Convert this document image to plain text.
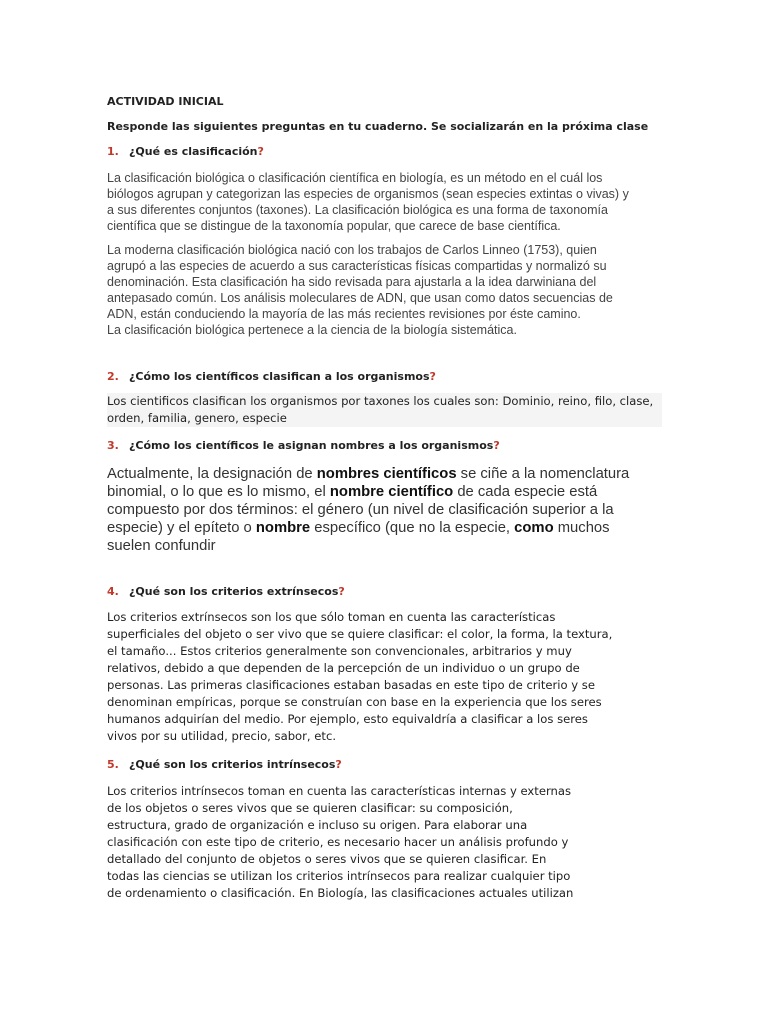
ACTIVIDAD INICIAL

Responde las siguientes preguntas en tu cuaderno. Se socializarán en la próxima clase

1. ¿Qué es clasificación?

La clasificación biológica o clasificación científica en biología, es un método en el cuál los
biólogos agrupan y categorizan las especies de organismos (sean especies extintas o vivas) y
a sus diferentes conjuntos (taxones). La clasificación biológica es una forma de taxonomía
científica que se distingue de la taxonomía popular, que carece de base científica.
La moderna clasificación biológica nació con los trabajos de Carlos Linneo (1753), quien
agrupó a las especies de acuerdo a sus características físicas compartidas y normalizó su
denominación. Esta clasificación ha sido revisada para ajustarla a la idea darwiniana del
antepasado común. Los análisis moleculares de ADN, que usan como datos secuencias de
ADN, están conduciendo la mayoría de las más recientes revisiones por éste camino.
La clasificación biológica pertenece a la ciencia de la biología sistemática.

2. ¿Cómo los científicos clasifican a los organismos?

Los cientificos clasifican los organismos por taxones los cuales son: Dominio, reino, filo, clase,
orden, familia, genero, especie

3. ¿Cómo los científicos le asignan nombres a los organismos?

Actualmente, la designación de nombres científicos se ciñe a la nomenclatura
binomial, o lo que es lo mismo, el nombre científico de cada especie está
compuesto por dos términos: el género (un nivel de clasificación superior a la
especie) y el epíteto o nombre específico (que no la especie, como muchos
suelen confundir

4. ¿Qué son los criterios extrínsecos?

Los criterios extrínsecos son los que sólo toman en cuenta las características
superficiales del objeto o ser vivo que se quiere clasificar: el color, la forma, la textura,
el tamaño... Estos criterios generalmente son convencionales, arbitrarios y muy
relativos, debido a que dependen de la percepción de un individuo o un grupo de
personas. Las primeras clasificaciones estaban basadas en este tipo de criterio y se
denominan empíricas, porque se construían con base en la experiencia que los seres
humanos adquirían del medio. Por ejemplo, esto equivaldría a clasificar a los seres
vivos por su utilidad, precio, sabor, etc.

5. ¿Qué son los criterios intrínsecos?

Los criterios intrínsecos toman en cuenta las características internas y externas
de los objetos o seres vivos que se quieren clasificar: su composición,
estructura, grado de organización e incluso su origen. Para elaborar una
clasificación con este tipo de criterio, es necesario hacer un análisis profundo y
detallado del conjunto de objetos o seres vivos que se quieren clasificar. En
todas las ciencias se utilizan los criterios intrínsecos para realizar cualquier tipo
de ordenamiento o clasificación. En Biología, las clasificaciones actuales utilizan
